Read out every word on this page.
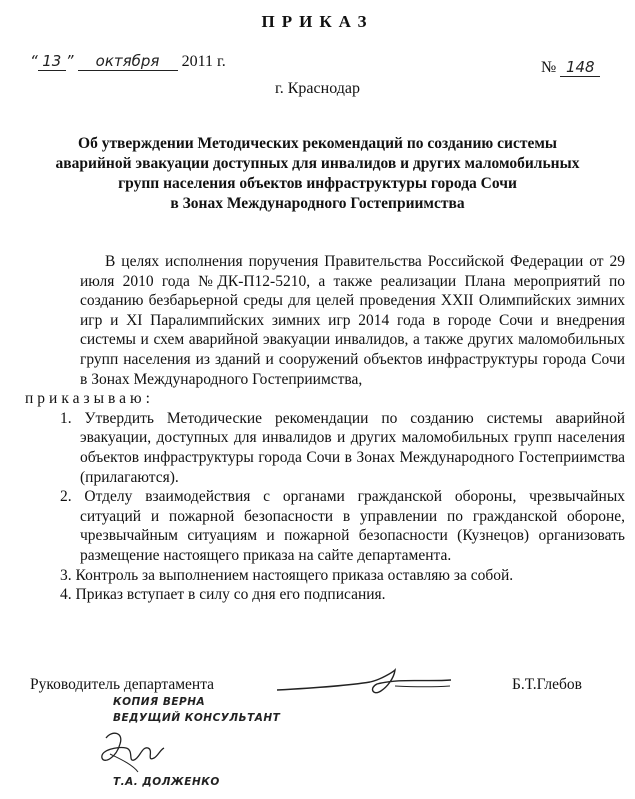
ПРИКАЗ
“ 13 ” октября 2011 г.	№ 148
г. Краснодар
Об утверждении Методических рекомендаций по созданию системы
аварийной эвакуации доступных для инвалидов и других маломобильных
групп населения объектов инфраструктуры города Сочи
в Зонах Международного Гостеприимства

В целях исполнения поручения Правительства Российской Федерации от 29 июля 2010 года №ДК-П12-5210, а также реализации Плана мероприятий по созданию безбарьерной среды для целей проведения XXII Олимпийских зимних игр и XI Паралимпийских зимних игр 2014 года в городе Сочи и внедрения системы и схем аварийной эвакуации инвалидов, а также других маломобильных групп населения из зданий и сооружений объектов инфраструктуры города Сочи в Зонах Международного Гостеприимства,

приказываю:

1. Утвердить Методические рекомендации по созданию системы аварийной эвакуации, доступных для инвалидов и других маломобильных групп населения объектов инфраструктуры города Сочи в Зонах Международного Гостеприимства (прилагаются).

2. Отделу взаимодействия с органами гражданской обороны, чрезвычайных ситуаций и пожарной безопасности в управлении по гражданской обороне, чрезвычайным ситуациям и пожарной безопасности (Кузнецов) организовать размещение настоящего приказа на сайте департамента.

3. Контроль за выполнением настоящего приказа оставляю за собой.

4. Приказ вступает в силу со дня его подписания.

Руководитель департамента	Б.Т.Глебов
КОПИЯ ВЕРНА
ВЕДУЩИЙ КОНСУЛЬТАНТ
Т.А. ДОЛЖЕНКО
